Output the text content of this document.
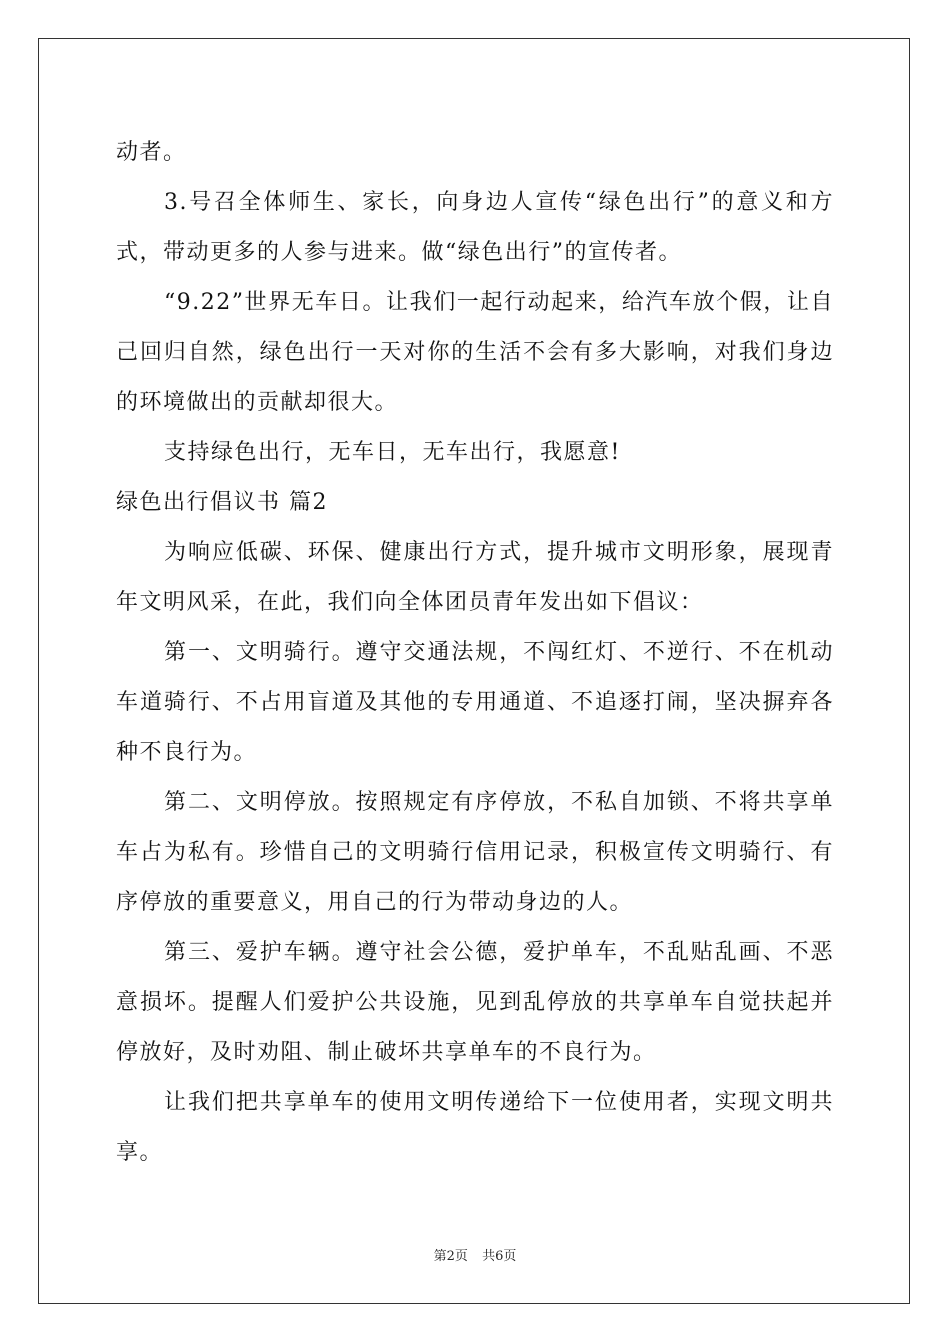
动者。

3.号召全体师生、家长，向身边人宣传“绿色出行”的意义和方式，带动更多的人参与进来。做“绿色出行”的宣传者。

“9.22”世界无车日。让我们一起行动起来，给汽车放个假，让自己回归自然，绿色出行一天对你的生活不会有多大影响，对我们身边的环境做出的贡献却很大。

支持绿色出行，无车日，无车出行，我愿意!

绿色出行倡议书 篇2

为响应低碳、环保、健康出行方式，提升城市文明形象，展现青年文明风采，在此，我们向全体团员青年发出如下倡议：

第一、文明骑行。遵守交通法规，不闯红灯、不逆行、不在机动车道骑行、不占用盲道及其他的专用通道、不追逐打闹，坚决摒弃各种不良行为。

第二、文明停放。按照规定有序停放，不私自加锁、不将共享单车占为私有。珍惜自己的文明骑行信用记录，积极宣传文明骑行、有序停放的重要意义，用自己的行为带动身边的人。

第三、爱护车辆。遵守社会公德，爱护单车，不乱贴乱画、不恶意损坏。提醒人们爱护公共设施，见到乱停放的共享单车自觉扶起并停放好，及时劝阻、制止破坏共享单车的不良行为。

让我们把共享单车的使用文明传递给下一位使用者，实现文明共享。

第2页 共6页
